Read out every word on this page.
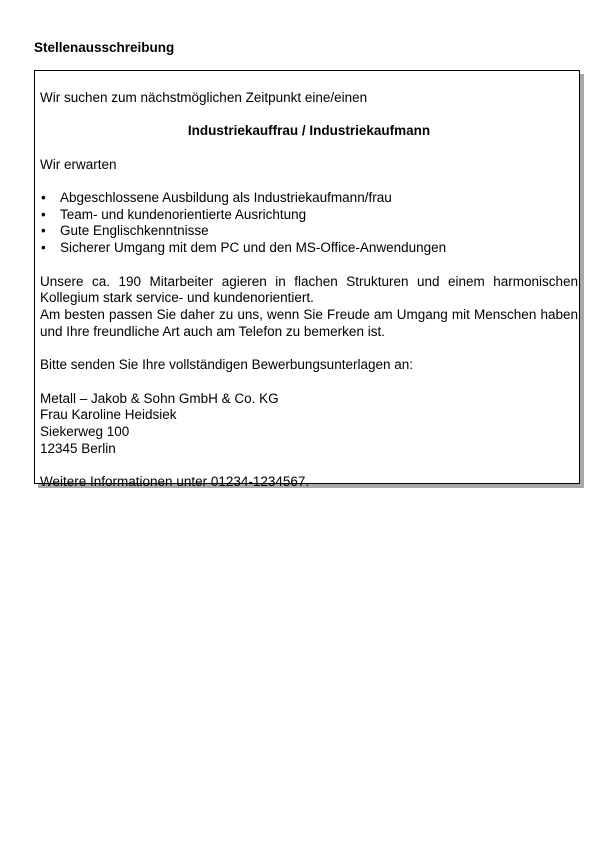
Stellenausschreibung

Wir suchen zum nächstmöglichen Zeitpunkt eine/einen

Industriekauffrau / Industriekaufmann

Wir erwarten

• Abgeschlossene Ausbildung als Industriekaufmann/frau
• Team- und kundenorientierte Ausrichtung
• Gute Englischkenntnisse
• Sicherer Umgang mit dem PC und den MS-Office-Anwendungen

Unsere ca. 190 Mitarbeiter agieren in flachen Strukturen und einem harmonischen Kollegium stark service- und kundenorientiert.

Am besten passen Sie daher zu uns, wenn Sie Freude am Umgang mit Menschen haben und Ihre freundliche Art auch am Telefon zu bemerken ist.

Bitte senden Sie Ihre vollständigen Bewerbungsunterlagen an:

Metall – Jakob & Sohn GmbH & Co. KG

Frau Karoline Heidsiek

Siekerweg 100

12345 Berlin

Weitere Informationen unter 01234-1234567.
